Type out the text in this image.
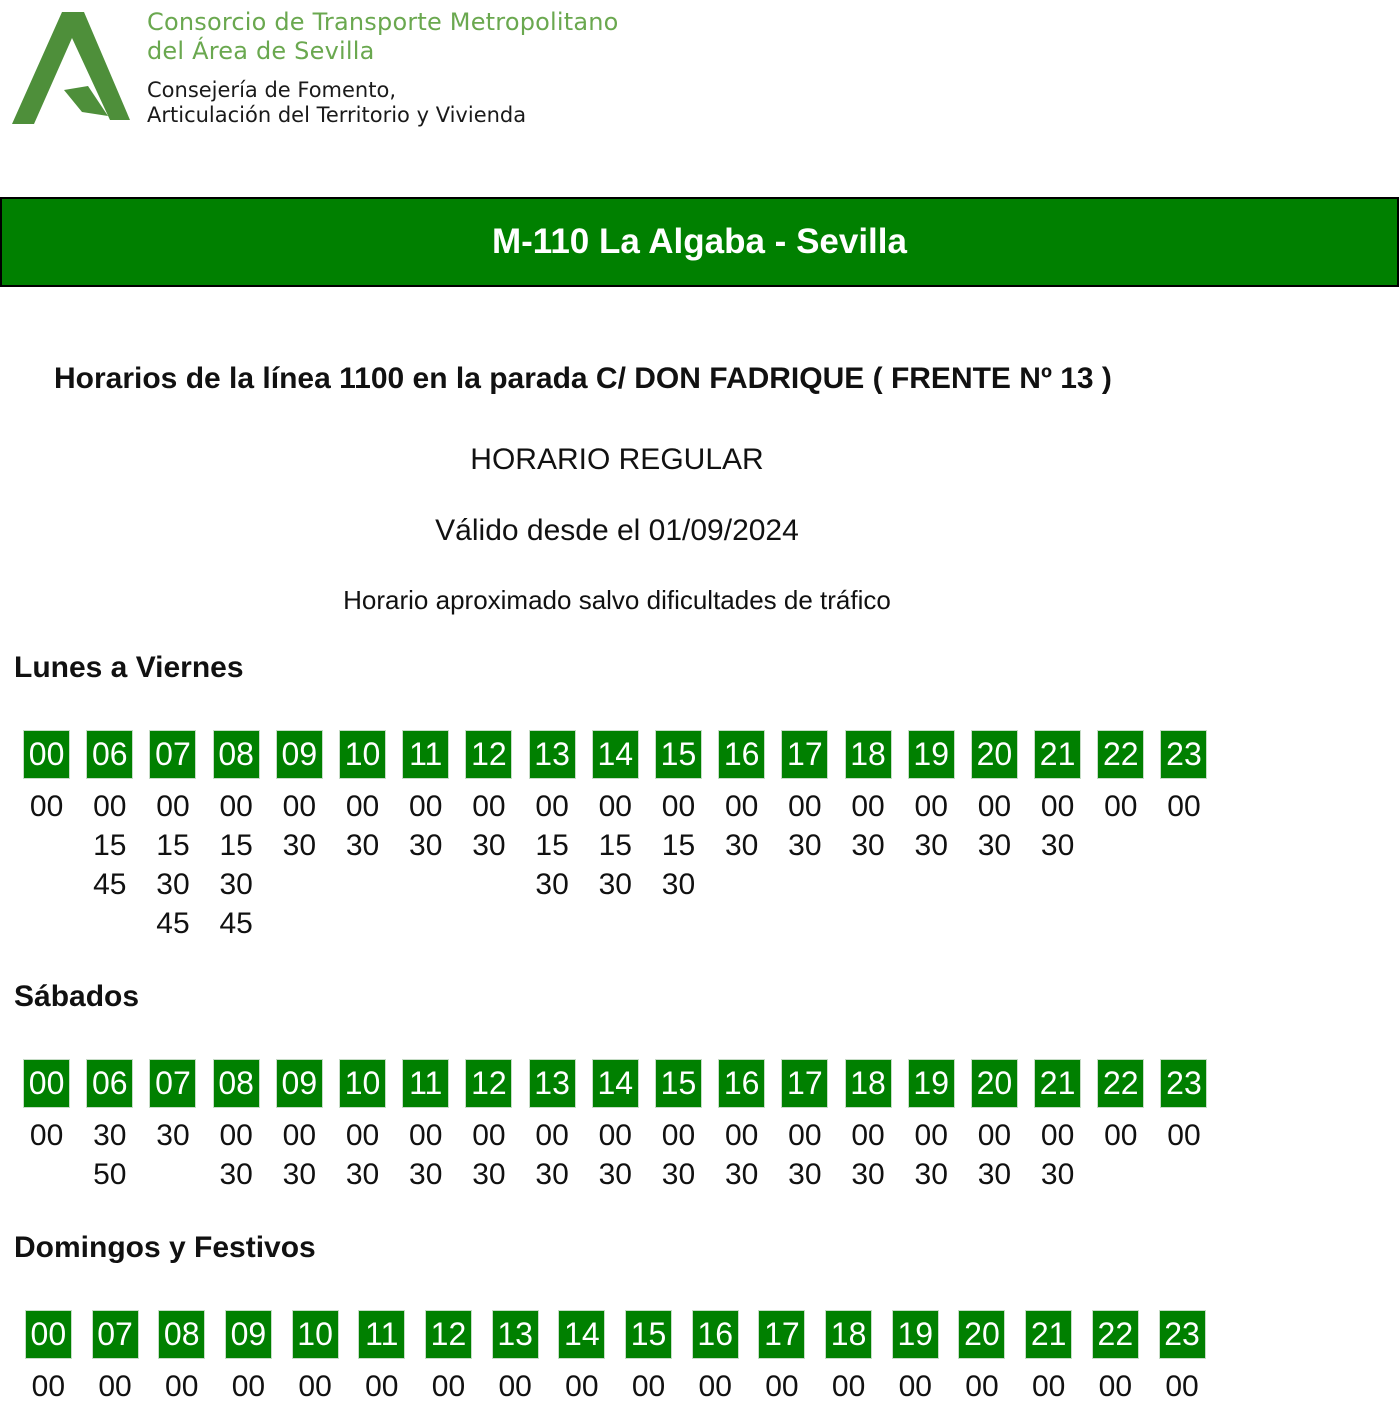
Consorcio de Transporte Metropolitano
del Área de Sevilla
Consejería de Fomento,
Articulación del Territorio y Vivienda
M-110 La Algaba - Sevilla
Horarios de la línea 1100 en la parada C/ DON FADRIQUE ( FRENTE Nº 13 )
HORARIO REGULAR
Válido desde el 01/09/2024
Horario aproximado salvo dificultades de tráfico
Lunes a Viernes
00
00
06
00
15
45
07
00
15
30
45
08
00
15
30
45
09
00
30
10
00
30
11
00
30
12
00
30
13
00
15
30
14
00
15
30
15
00
15
30
16
00
30
17
00
30
18
00
30
19
00
30
20
00
30
21
00
30
22
00
23
00
Sábados
00
00
06
30
50
07
30
08
00
30
09
00
30
10
00
30
11
00
30
12
00
30
13
00
30
14
00
30
15
00
30
16
00
30
17
00
30
18
00
30
19
00
30
20
00
30
21
00
30
22
00
23
00
Domingos y Festivos
00
00
07
00
08
00
09
00
10
00
11
00
12
00
13
00
14
00
15
00
16
00
17
00
18
00
19
00
20
00
21
00
22
00
23
00
